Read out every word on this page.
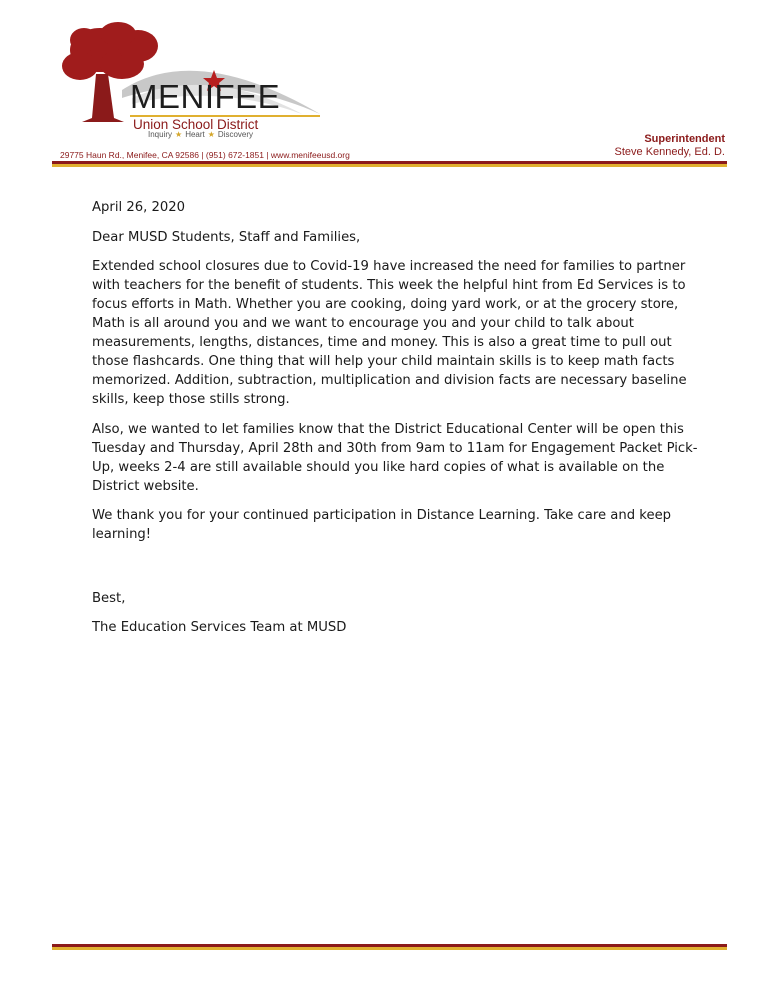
MENIFEE
Union School District
Inquiry ★ Heart ★ Discovery
29775 Haun Rd., Menifee, CA 92586 | (951) 672-1851 | www.menifeeusd.org
Superintendent
Steve Kennedy, Ed. D.

April 26, 2020

Dear MUSD Students, Staff and Families,

Extended school closures due to Covid-19 have increased the need for families to partner with teachers for the benefit of students. This week the helpful hint from Ed Services is to focus efforts in Math. Whether you are cooking, doing yard work, or at the grocery store, Math is all around you and we want to encourage you and your child to talk about measurements, lengths, distances, time and money. This is also a great time to pull out those flashcards. One thing that will help your child maintain skills is to keep math facts memorized. Addition, subtraction, multiplication and division facts are necessary baseline skills, keep those stills strong.

Also, we wanted to let families know that the District Educational Center will be open this Tuesday and Thursday, April 28th and 30th from 9am to 11am for Engagement Packet Pick-Up, weeks 2-4 are still available should you like hard copies of what is available on the District website.

We thank you for your continued participation in Distance Learning. Take care and keep learning!

Best,

The Education Services Team at MUSD
